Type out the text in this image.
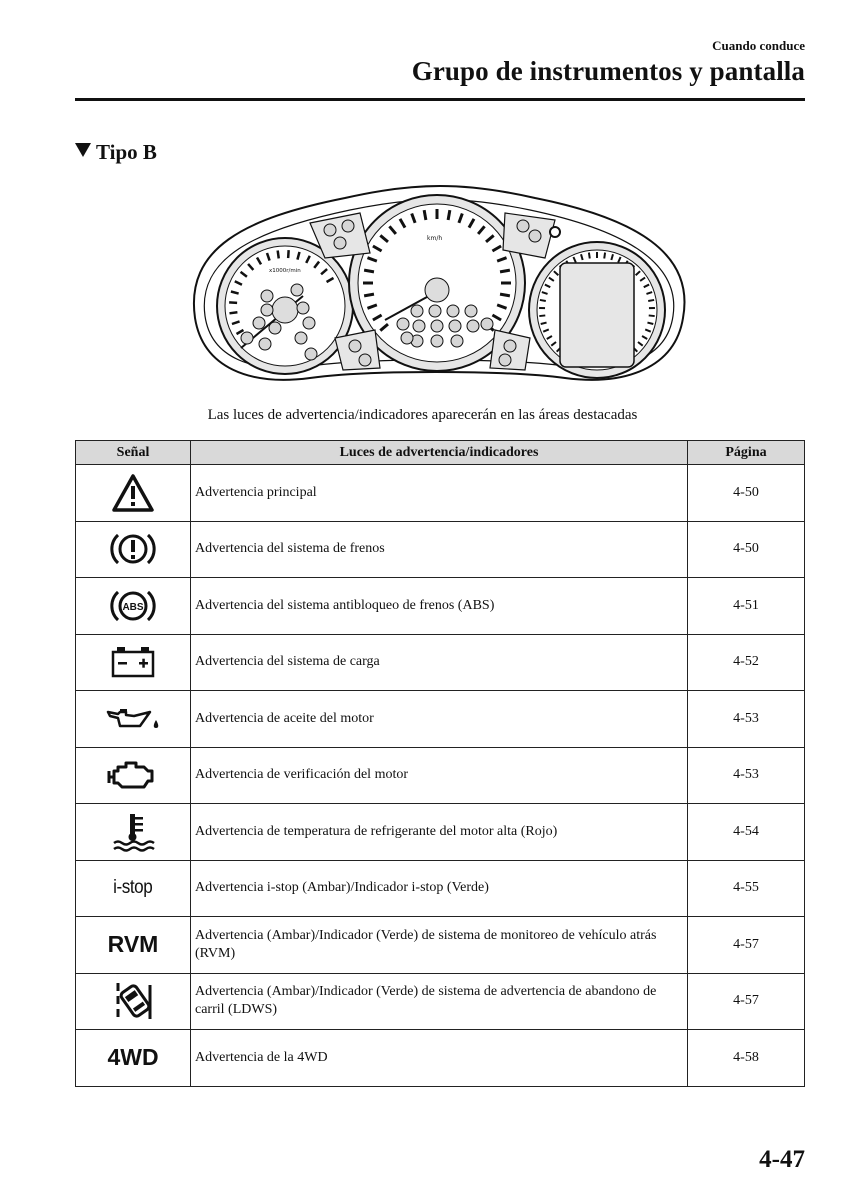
Cuando conduce
Grupo de instrumentos y pantalla
Tipo B
x1000r/min
km/h
Las luces de advertencia/indicadores aparecerán en las áreas destacadas
Señal	Luces de advertencia/indicadores	Página

	Advertencia principal	4-50

	Advertencia del sistema de frenos	4-50

ABS	Advertencia del sistema antibloqueo de frenos (ABS)	4-51

	Advertencia del sistema de carga	4-52

	Advertencia de aceite del motor	4-53

	Advertencia de verificación del motor	4-53

	Advertencia de temperatura de refrigerante del motor alta (Rojo)	4-54
i-stop	Advertencia i-stop (Ambar)/Indicador i-stop (Verde)	4-55
RVM	Advertencia (Ambar)/Indicador (Verde) de sistema de monitoreo de vehículo atrás (RVM)	4-57

	Advertencia (Ambar)/Indicador (Verde) de sistema de advertencia de abandono de carril (LDWS)	4-57
4WD	Advertencia de la 4WD	4-58
4-47
